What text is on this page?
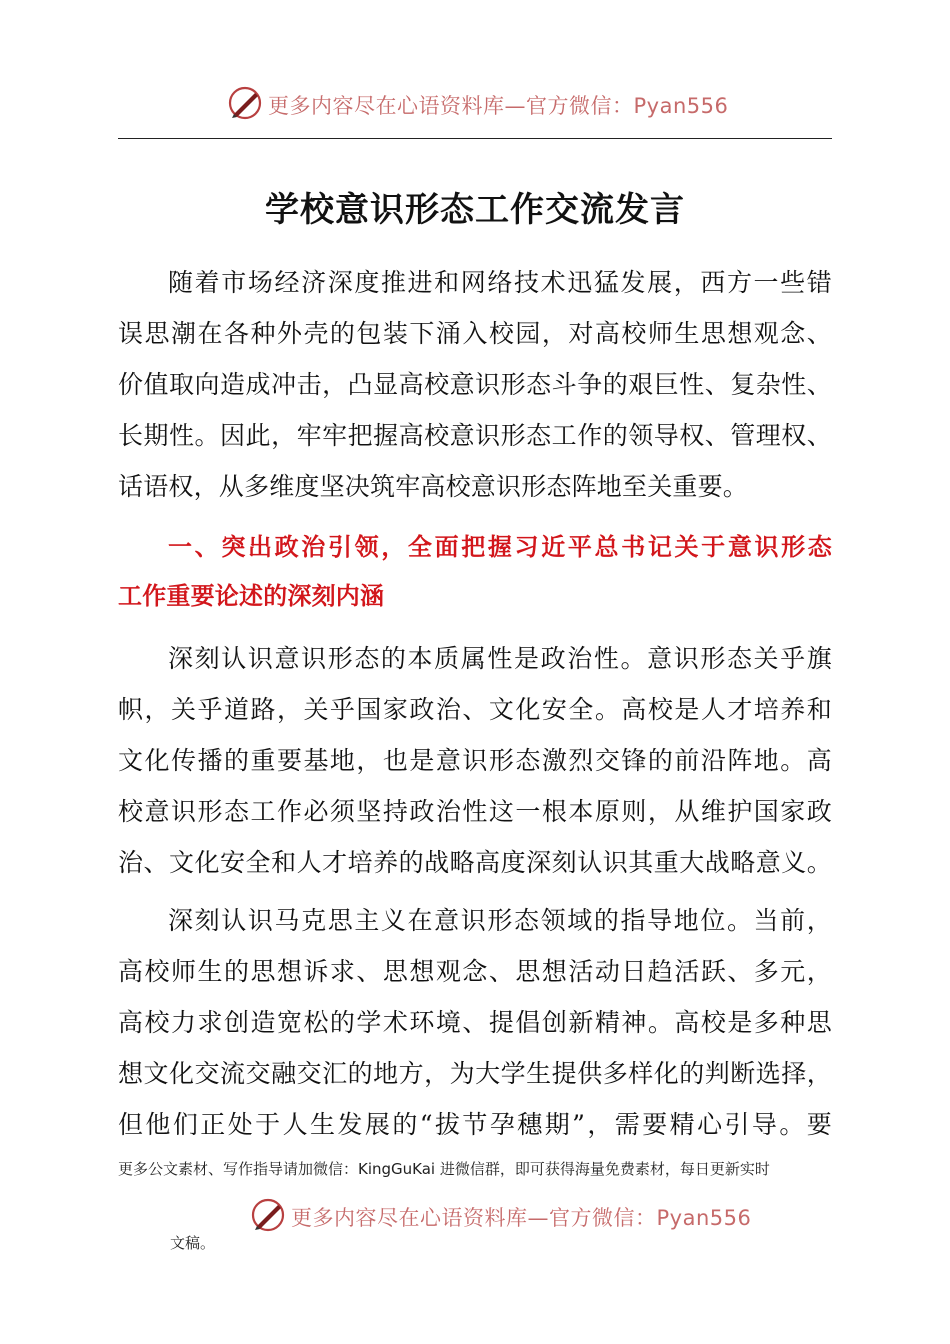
更多内容尽在心语资料库—官方微信：Pyan556
学校意识形态工作交流发言
随着市场经济深度推进和网络技术迅猛发展，西方一些错
误思潮在各种外壳的包装下涌入校园，对高校师生思想观念、
价值取向造成冲击，凸显高校意识形态斗争的艰巨性、复杂性、
长期性。因此，牢牢把握高校意识形态工作的领导权、管理权、
话语权，从多维度坚决筑牢高校意识形态阵地至关重要。
一、突出政治引领，全面把握习近平总书记关于意识形态
工作重要论述的深刻内涵
深刻认识意识形态的本质属性是政治性。意识形态关乎旗
帜，关乎道路，关乎国家政治、文化安全。高校是人才培养和
文化传播的重要基地，也是意识形态激烈交锋的前沿阵地。高
校意识形态工作必须坚持政治性这一根本原则，从维护国家政
治、文化安全和人才培养的战略高度深刻认识其重大战略意义。
深刻认识马克思主义在意识形态领域的指导地位。当前，
高校师生的思想诉求、思想观念、思想活动日趋活跃、多元，
高校力求创造宽松的学术环境、提倡创新精神。高校是多种思
想文化交流交融交汇的地方，为大学生提供多样化的判断选择，
但他们正处于人生发展的“拔节孕穗期”，需要精心引导。要
更多公文素材、写作指导请加微信：KingGuKai 进微信群，即可获得海量免费素材，每日更新实时
更多内容尽在心语资料库—官方微信：Pyan556
文稿。
